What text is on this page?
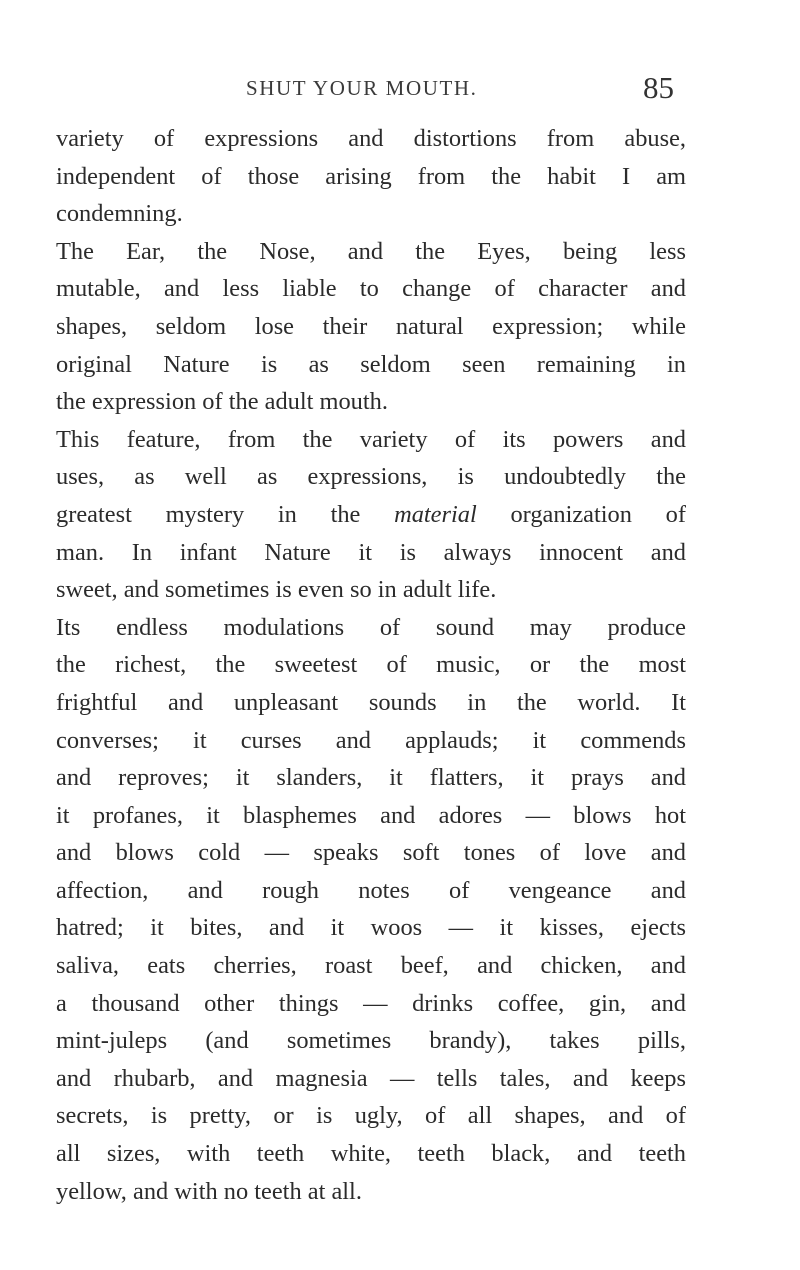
SHUT YOUR MOUTH.	85
variety of expressions and distortions from abuse,
independent of those arising from the habit I am
condemning.
The Ear, the Nose, and the Eyes, being less
mutable, and less liable to change of character and
shapes, seldom lose their natural expression; while
original Nature is as seldom seen remaining in
the expression of the adult mouth.
This feature, from the variety of its powers and
uses, as well as expressions, is undoubtedly the
greatest mystery in the material organization of
man. In infant Nature it is always innocent and
sweet, and sometimes is even so in adult life.
Its endless modulations of sound may produce
the richest, the sweetest of music, or the most
frightful and unpleasant sounds in the world. It
converses; it curses and applauds; it commends
and reproves; it slanders, it flatters, it prays and
it profanes, it blasphemes and adores — blows hot
and blows cold — speaks soft tones of love and
affection, and rough notes of vengeance and
hatred; it bites, and it woos — it kisses, ejects
saliva, eats cherries, roast beef, and chicken, and
a thousand other things — drinks coffee, gin, and
mint-juleps (and sometimes brandy), takes pills,
and rhubarb, and magnesia — tells tales, and keeps
secrets, is pretty, or is ugly, of all shapes, and of
all sizes, with teeth white, teeth black, and teeth
yellow, and with no teeth at all.
